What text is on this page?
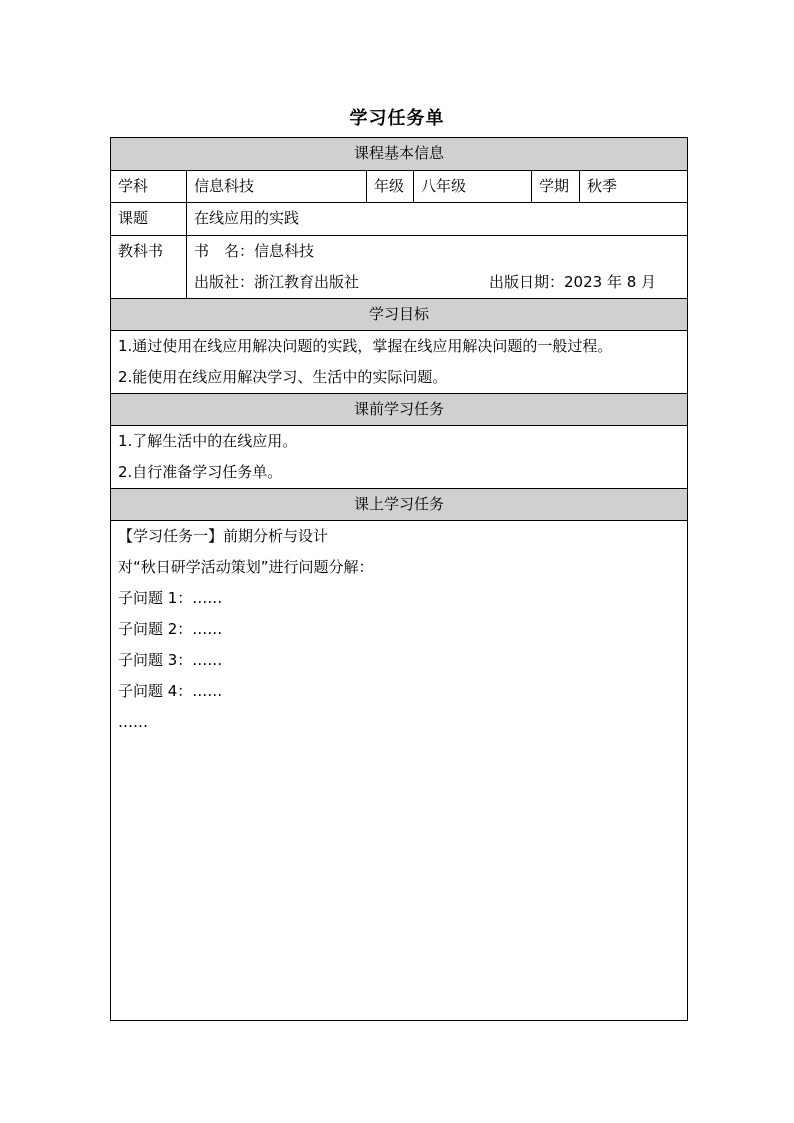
学习任务单
课程基本信息
学科	信息科技	年级	八年级	学期	秋季
课题	在线应用的实践
教科书	书　名：信息科技
出版社：浙江教育出版社	出版日期：2023 年 8 月
学习目标
1.通过使用在线应用解决问题的实践，掌握在线应用解决问题的一般过程。
2.能使用在线应用解决学习、生活中的实际问题。
课前学习任务
1.了解生活中的在线应用。
2.自行准备学习任务单。
课上学习任务
【学习任务一】前期分析与设计
对“秋日研学活动策划”进行问题分解：
子问题 1：……
子问题 2：……
子问题 3：……
子问题 4：……
……
